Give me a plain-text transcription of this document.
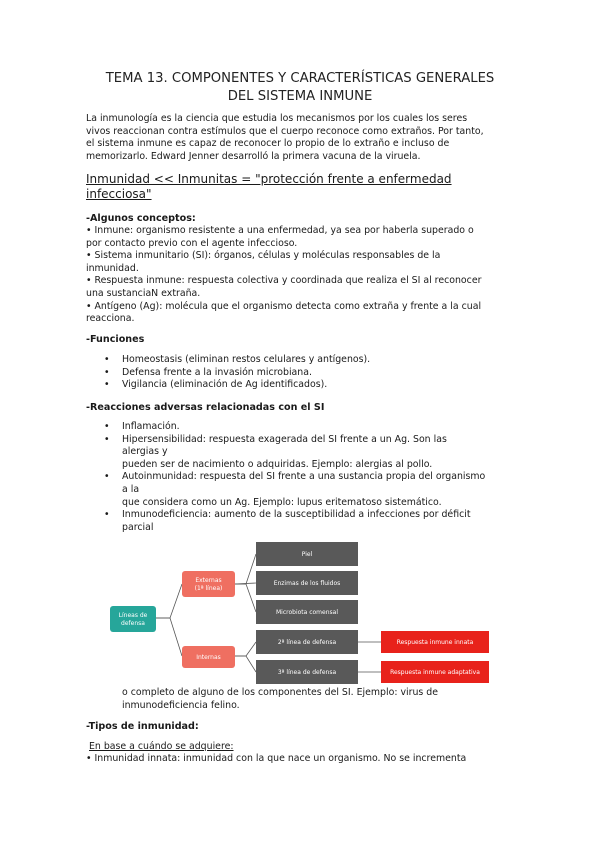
TEMA 13. COMPONENTES Y CARACTERÍSTICAS GENERALES
DEL SISTEMA INMUNE
La inmunología es la ciencia que estudia los mecanismos por los cuales los seres
vivos reaccionan contra estímulos que el cuerpo reconoce como extraños. Por tanto,
el sistema inmune es capaz de reconocer lo propio de lo extraño e incluso de
memorizarlo. Edward Jenner desarrolló la primera vacuna de la viruela.
Inmunidad << Inmunitas = "protección frente a enfermedad
infecciosa"
-Algunos conceptos:
• Inmune: organismo resistente a una enfermedad, ya sea por haberla superado o
por contacto previo con el agente infeccioso.
• Sistema inmunitario (SI): órganos, células y moléculas responsables de la
inmunidad.
• Respuesta inmune: respuesta colectiva y coordinada que realiza el SI al reconocer
una sustanciaN extraña.
• Antígeno (Ag): molécula que el organismo detecta como extraña y frente a la cual
reacciona.
-Funciones
• Homeostasis (eliminan restos celulares y antígenos).
• Defensa frente a la invasión microbiana.
• Vigilancia (eliminación de Ag identificados).
-Reacciones adversas relacionadas con el SI
• Inflamación.
• Hipersensibilidad: respuesta exagerada del SI frente a un Ag. Son las
alergias y
pueden ser de nacimiento o adquiridas. Ejemplo: alergias al pollo.
• Autoinmunidad: respuesta del SI frente a una sustancia propia del organismo
a la
que considera como un Ag. Ejemplo: lupus eritematoso sistemático.
• Inmunodeficiencia: aumento de la susceptibilidad a infecciones por déficit
parcial
Líneas de
defensa
Externas
(1ª línea)
Internas
Piel
Enzimas de los fluidos
Microbiota comensal
2ª línea de defensa
3ª línea de defensa
Respuesta inmune innata
Respuesta inmune adaptativa
o completo de alguno de los componentes del SI. Ejemplo: virus de
inmunodeficiencia felino.
-Tipos de inmunidad:
En base a cuándo se adquiere:
• Inmunidad innata: inmunidad con la que nace un organismo. No se incrementa
